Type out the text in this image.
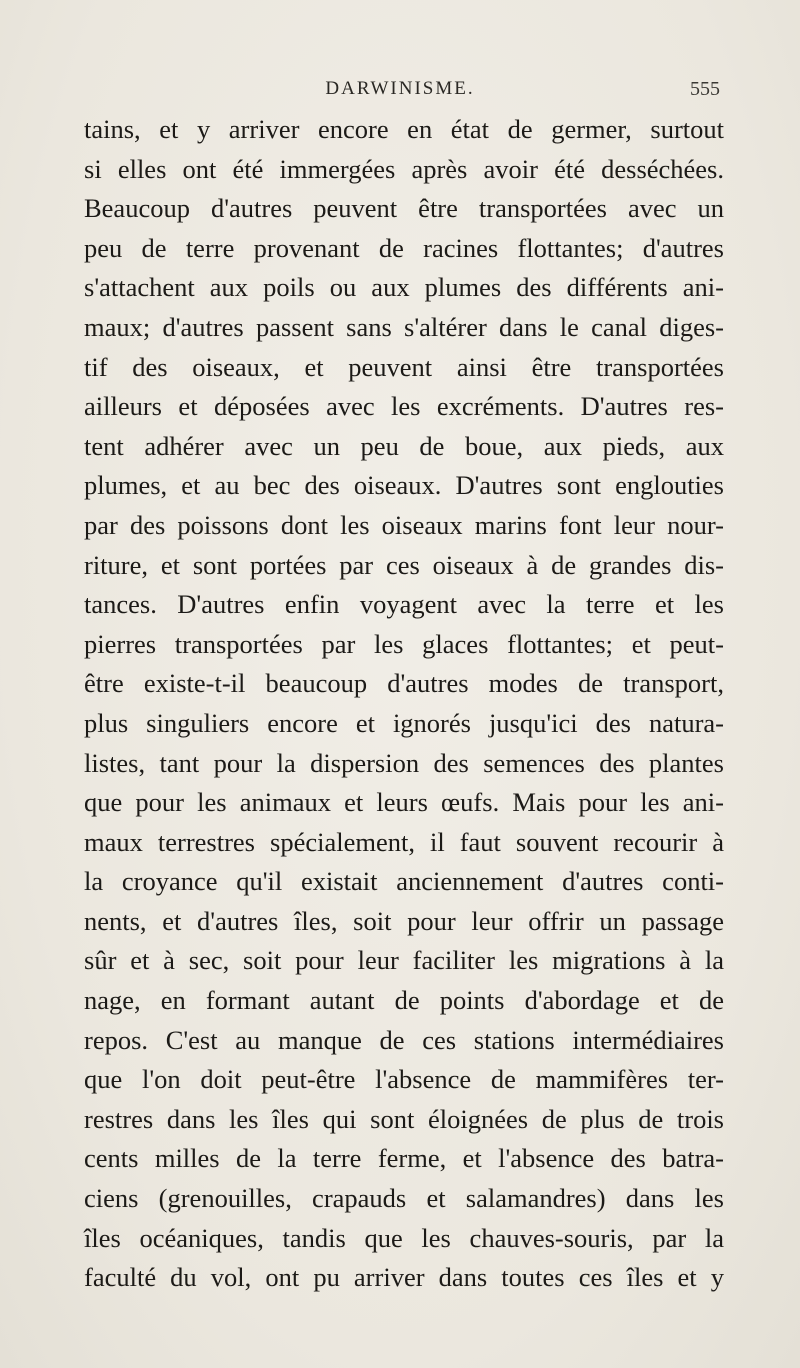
DARWINISME.	555
tains, et y arriver encore en état de germer, surtout
si elles ont été immergées après avoir été desséchées.
Beaucoup d'autres peuvent être transportées avec un
peu de terre provenant de racines flottantes; d'autres
s'attachent aux poils ou aux plumes des différents ani-
maux; d'autres passent sans s'altérer dans le canal diges-
tif des oiseaux, et peuvent ainsi être transportées
ailleurs et déposées avec les excréments. D'autres res-
tent adhérer avec un peu de boue, aux pieds, aux
plumes, et au bec des oiseaux. D'autres sont englouties
par des poissons dont les oiseaux marins font leur nour-
riture, et sont portées par ces oiseaux à de grandes dis-
tances. D'autres enfin voyagent avec la terre et les
pierres transportées par les glaces flottantes; et peut-
être existe-t-il beaucoup d'autres modes de transport,
plus singuliers encore et ignorés jusqu'ici des natura-
listes, tant pour la dispersion des semences des plantes
que pour les animaux et leurs œufs. Mais pour les ani-
maux terrestres spécialement, il faut souvent recourir à
la croyance qu'il existait anciennement d'autres conti-
nents, et d'autres îles, soit pour leur offrir un passage
sûr et à sec, soit pour leur faciliter les migrations à la
nage, en formant autant de points d'abordage et de
repos. C'est au manque de ces stations intermédiaires
que l'on doit peut-être l'absence de mammifères ter-
restres dans les îles qui sont éloignées de plus de trois
cents milles de la terre ferme, et l'absence des batra-
ciens (grenouilles, crapauds et salamandres) dans les
îles océaniques, tandis que les chauves-souris, par la
faculté du vol, ont pu arriver dans toutes ces îles et y
